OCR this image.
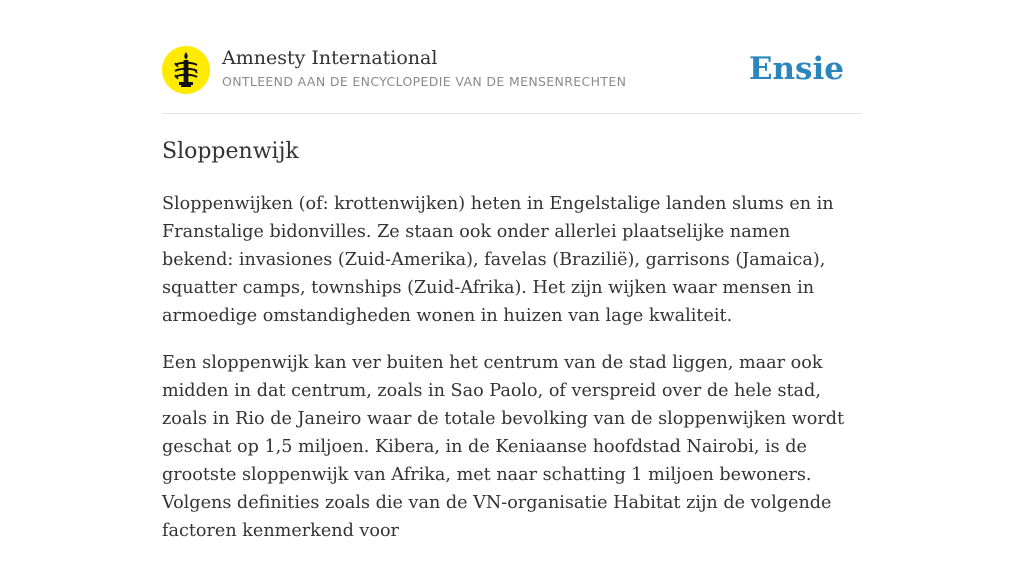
Amnesty International
ONTLEEND AAN DE ENCYCLOPEDIE VAN DE MENSENRECHTEN	Ensie
Sloppenwijk

Sloppenwijken (of: krottenwijken) heten in Engelstalige landen slums en in Franstalige bidonvilles. Ze staan ook onder allerlei plaatselijke namen bekend: invasiones (Zuid-Amerika), favelas (Brazilië), garrisons (Jamaica), squatter camps, townships (Zuid-Afrika). Het zijn wijken waar mensen in armoedige omstandigheden wonen in huizen van lage kwaliteit.

Een sloppenwijk kan ver buiten het centrum van de stad liggen, maar ook midden in dat centrum, zoals in Sao Paolo, of verspreid over de hele stad, zoals in Rio de Janeiro waar de totale bevolking van de sloppenwijken wordt geschat op 1,5 miljoen. Kibera, in de Keniaanse hoofdstad Nairobi, is de grootste sloppenwijk van Afrika, met naar schatting 1 miljoen bewoners. Volgens definities zoals die van de VN-organisatie Habitat zijn de volgende factoren kenmerkend voor
